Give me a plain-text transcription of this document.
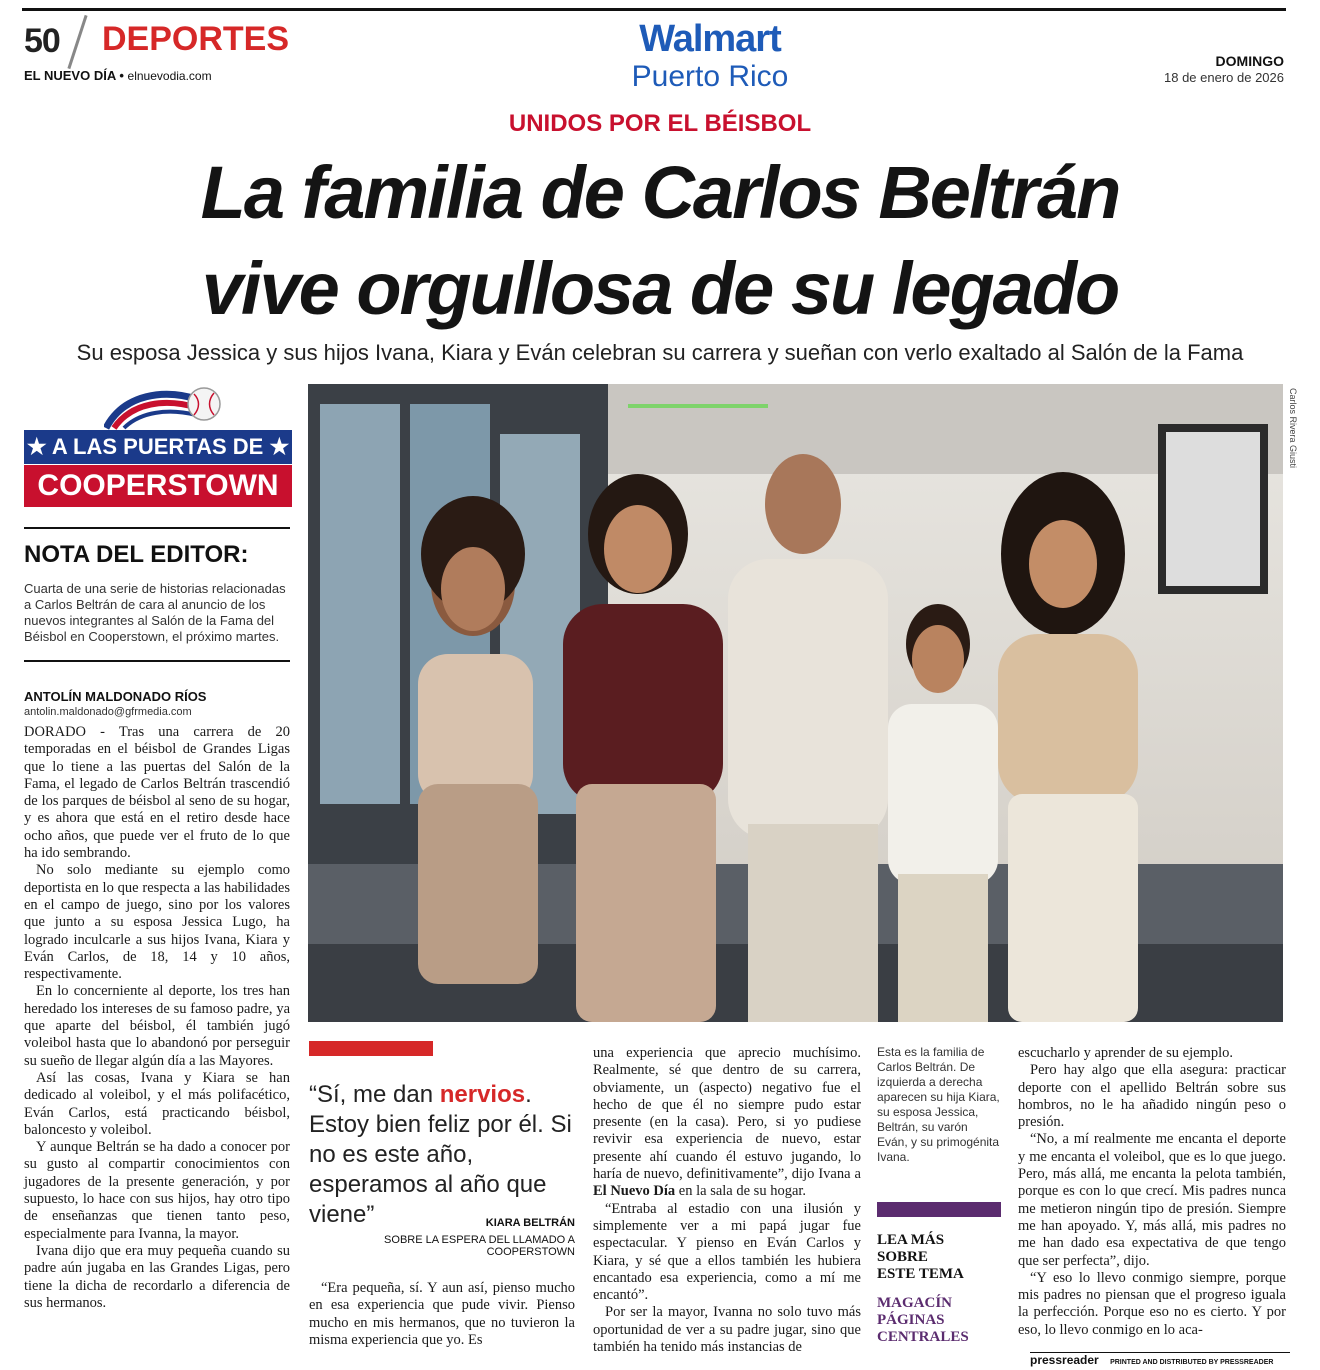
50 DEPORTES
EL NUEVO DÍA • elnuevodia.com
Walmart
Puerto Rico	DOMINGO
18 de enero de 2026
UNIDOS POR EL BÉISBOL
La familia de Carlos Beltrán
vive orgullosa de su legado
Su esposa Jessica y sus hijos Ivana, Kiara y Eván celebran su carrera y sueñan con verlo exaltado al Salón de la Fama
★ A LAS PUERTAS DE ★
COOPERSTOWN
NOTA DEL EDITOR:
Cuarta de una serie de historias relacionadas a Carlos Beltrán de cara al anuncio de los nuevos integrantes al Salón de la Fama del Béisbol en Cooperstown, el próximo martes.
ANTOLÍN MALDONADO RÍOS
antolin.maldonado@gfrmedia.com

DORADO - Tras una carrera de 20 temporadas en el béisbol de Grandes Ligas que lo tiene a las puertas del Salón de la Fama, el legado de Carlos Beltrán trascendió de los parques de béisbol al seno de su hogar, y es ahora que está en el retiro desde hace ocho años, que puede ver el fruto de lo que ha ido sembrando.

No solo mediante su ejemplo como deportista en lo que respecta a las habilidades en el campo de juego, sino por los valores que junto a su esposa Jessica Lugo, ha logrado inculcarle a sus hijos Ivana, Kiara y Eván Carlos, de 18, 14 y 10 años, respectivamente.

En lo concerniente al deporte, los tres han heredado los intereses de su famoso padre, ya que aparte del béisbol, él también jugó voleibol hasta que lo abandonó por perseguir su sueño de llegar algún día a las Mayores.

Así las cosas, Ivana y Kiara se han dedicado al voleibol, y el más polifacético, Eván Carlos, está practicando béisbol, baloncesto y voleibol.

Y aunque Beltrán se ha dado a conocer por su gusto al compartir conocimientos con jugadores de la presente generación, y por supuesto, lo hace con sus hijos, hay otro tipo de enseñanzas que tienen tanto peso, especialmente para Ivanna, la mayor.

Ivana dijo que era muy pequeña cuando su padre aún jugaba en las Grandes Ligas, pero tiene la dicha de recordarlo a diferencia de sus hermanos.

Carlos Rivera Giusti
“Sí, me dan nervios. Estoy bien feliz por él. Si no es este año, esperamos al año que viene”	KIARA BELTRÁN
SOBRE LA ESPERA DEL LLAMADO A COOPERSTOWN

“Era pequeña, sí. Y aun así, pienso mucho en esa experiencia que pude vivir. Pienso mucho en mis hermanos, que no tuvieron la misma experiencia que yo. Es

una experiencia que aprecio muchísimo. Realmente, sé que dentro de su carrera, obviamente, un (aspecto) negativo fue el hecho de que él no siempre pudo estar presente (en la casa). Pero, si yo pudiese revivir esa experiencia de nuevo, estar presente ahí cuando él estuvo jugando, lo haría de nuevo, definitivamente”, dijo Ivana a El Nuevo Día en la sala de su hogar.

“Entraba al estadio con una ilusión y simplemente ver a mi papá jugar fue espectacular. Y pienso en Eván Carlos y Kiara, y sé que a ellos también les hubiera encantado esa experiencia, como a mí me encantó”.

Por ser la mayor, Ivanna no solo tuvo más oportunidad de ver a su padre jugar, sino que también ha tenido más instancias de

Esta es la familia de Carlos Beltrán. De izquierda a derecha aparecen su hija Kiara, su esposa Jessica, Beltrán, su varón Eván, y su primogénita Ivana.
LEA MÁS
SOBRE
ESTE TEMA
MAGACÍN
PÁGINAS
CENTRALES

escucharlo y aprender de su ejemplo.

Pero hay algo que ella asegura: practicar deporte con el apellido Beltrán sobre sus hombros, no le ha añadido ningún peso o presión.

“No, a mí realmente me encanta el deporte y me encanta el voleibol, que es lo que juego. Pero, más allá, me encanta la pelota también, porque es con lo que crecí. Mis padres nunca me metieron ningún tipo de presión. Siempre me han apoyado. Y, más allá, mis padres no me han dado esa expectativa de que tengo que ser perfecta”, dijo.

“Y eso lo llevo conmigo siempre, porque mis padres no piensan que el progreso iguala la perfección. Porque eso no es cierto. Y por eso, lo llevo conmigo en lo aca-

pressreader PRINTED AND DISTRIBUTED BY PRESSREADER
